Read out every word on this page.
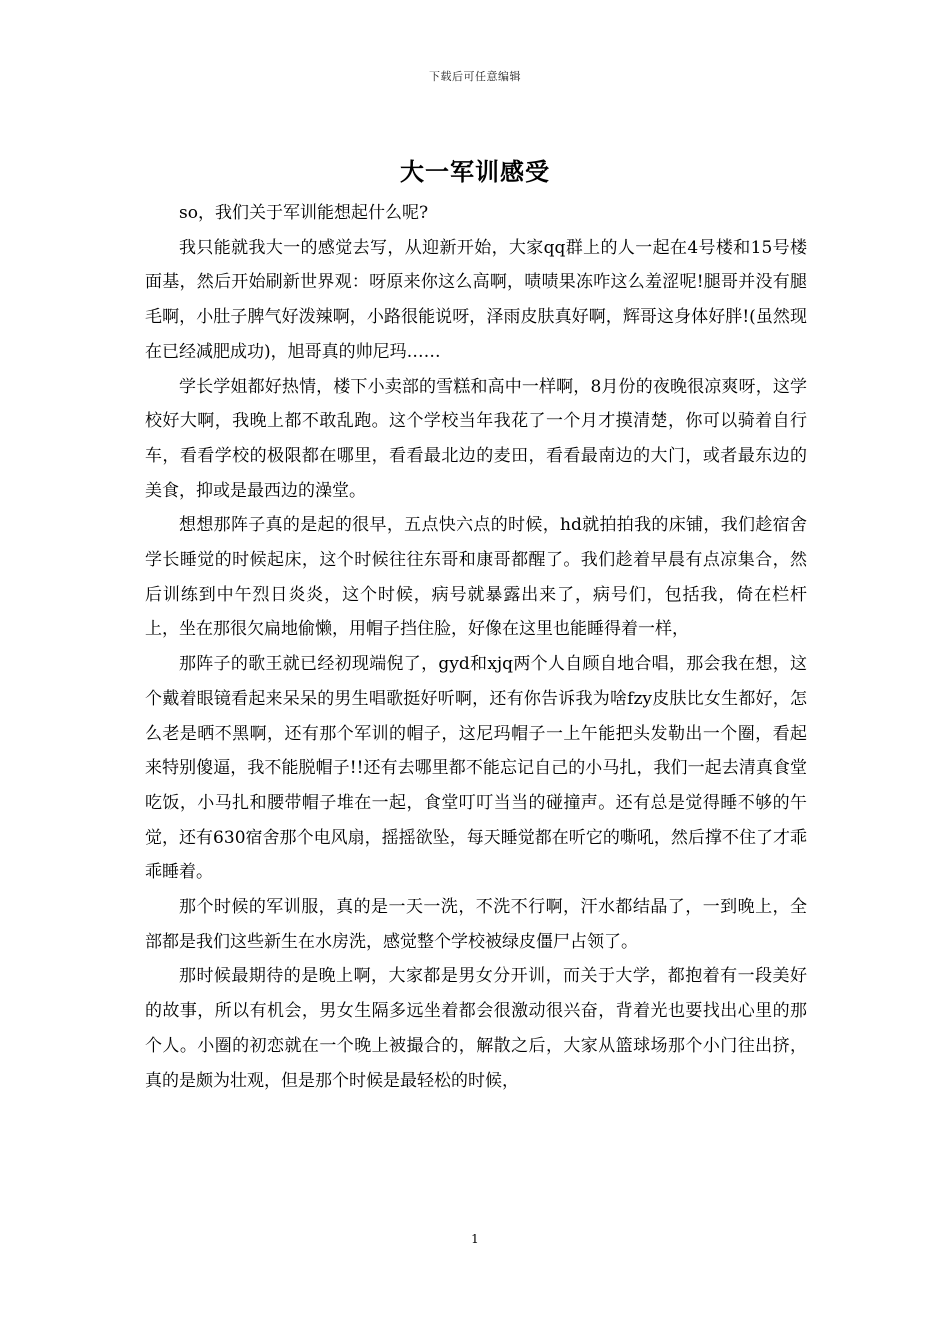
下载后可任意编辑
大一军训感受

so，我们关于军训能想起什么呢?

我只能就我大一的感觉去写，从迎新开始，大家qq群上的人一起在4号楼和15号楼面基，然后开始刷新世界观：呀原来你这么高啊，啧啧果冻咋这么羞涩呢!腿哥并没有腿毛啊，小肚子脾气好泼辣啊，小路很能说呀，泽雨皮肤真好啊，辉哥这身体好胖!(虽然现在已经减肥成功)，旭哥真的帅尼玛……

学长学姐都好热情，楼下小卖部的雪糕和高中一样啊，8月份的夜晚很凉爽呀，这学校好大啊，我晚上都不敢乱跑。这个学校当年我花了一个月才摸清楚，你可以骑着自行车，看看学校的极限都在哪里，看看最北边的麦田，看看最南边的大门，或者最东边的美食，抑或是最西边的澡堂。

想想那阵子真的是起的很早，五点快六点的时候，hd就拍拍我的床铺，我们趁宿舍学长睡觉的时候起床，这个时候往往东哥和康哥都醒了。我们趁着早晨有点凉集合，然后训练到中午烈日炎炎，这个时候，病号就暴露出来了，病号们，包括我，倚在栏杆上，坐在那很欠扁地偷懒，用帽子挡住脸，好像在这里也能睡得着一样，

那阵子的歌王就已经初现端倪了，gyd和xjq两个人自顾自地合唱，那会我在想，这个戴着眼镜看起来呆呆的男生唱歌挺好听啊，还有你告诉我为啥fzy皮肤比女生都好，怎么老是晒不黑啊，还有那个军训的帽子，这尼玛帽子一上午能把头发勒出一个圈，看起来特别傻逼，我不能脱帽子!!还有去哪里都不能忘记自己的小马扎，我们一起去清真食堂吃饭，小马扎和腰带帽子堆在一起，食堂叮叮当当的碰撞声。还有总是觉得睡不够的午觉，还有630宿舍那个电风扇，摇摇欲坠，每天睡觉都在听它的嘶吼，然后撑不住了才乖乖睡着。

那个时候的军训服，真的是一天一洗，不洗不行啊，汗水都结晶了，一到晚上，全部都是我们这些新生在水房洗，感觉整个学校被绿皮僵尸占领了。

那时候最期待的是晚上啊，大家都是男女分开训，而关于大学，都抱着有一段美好的故事，所以有机会，男女生隔多远坐着都会很激动很兴奋，背着光也要找出心里的那个人。小圈的初恋就在一个晚上被撮合的，解散之后，大家从篮球场那个小门往出挤，真的是颇为壮观，但是那个时候是最轻松的时候，

1
